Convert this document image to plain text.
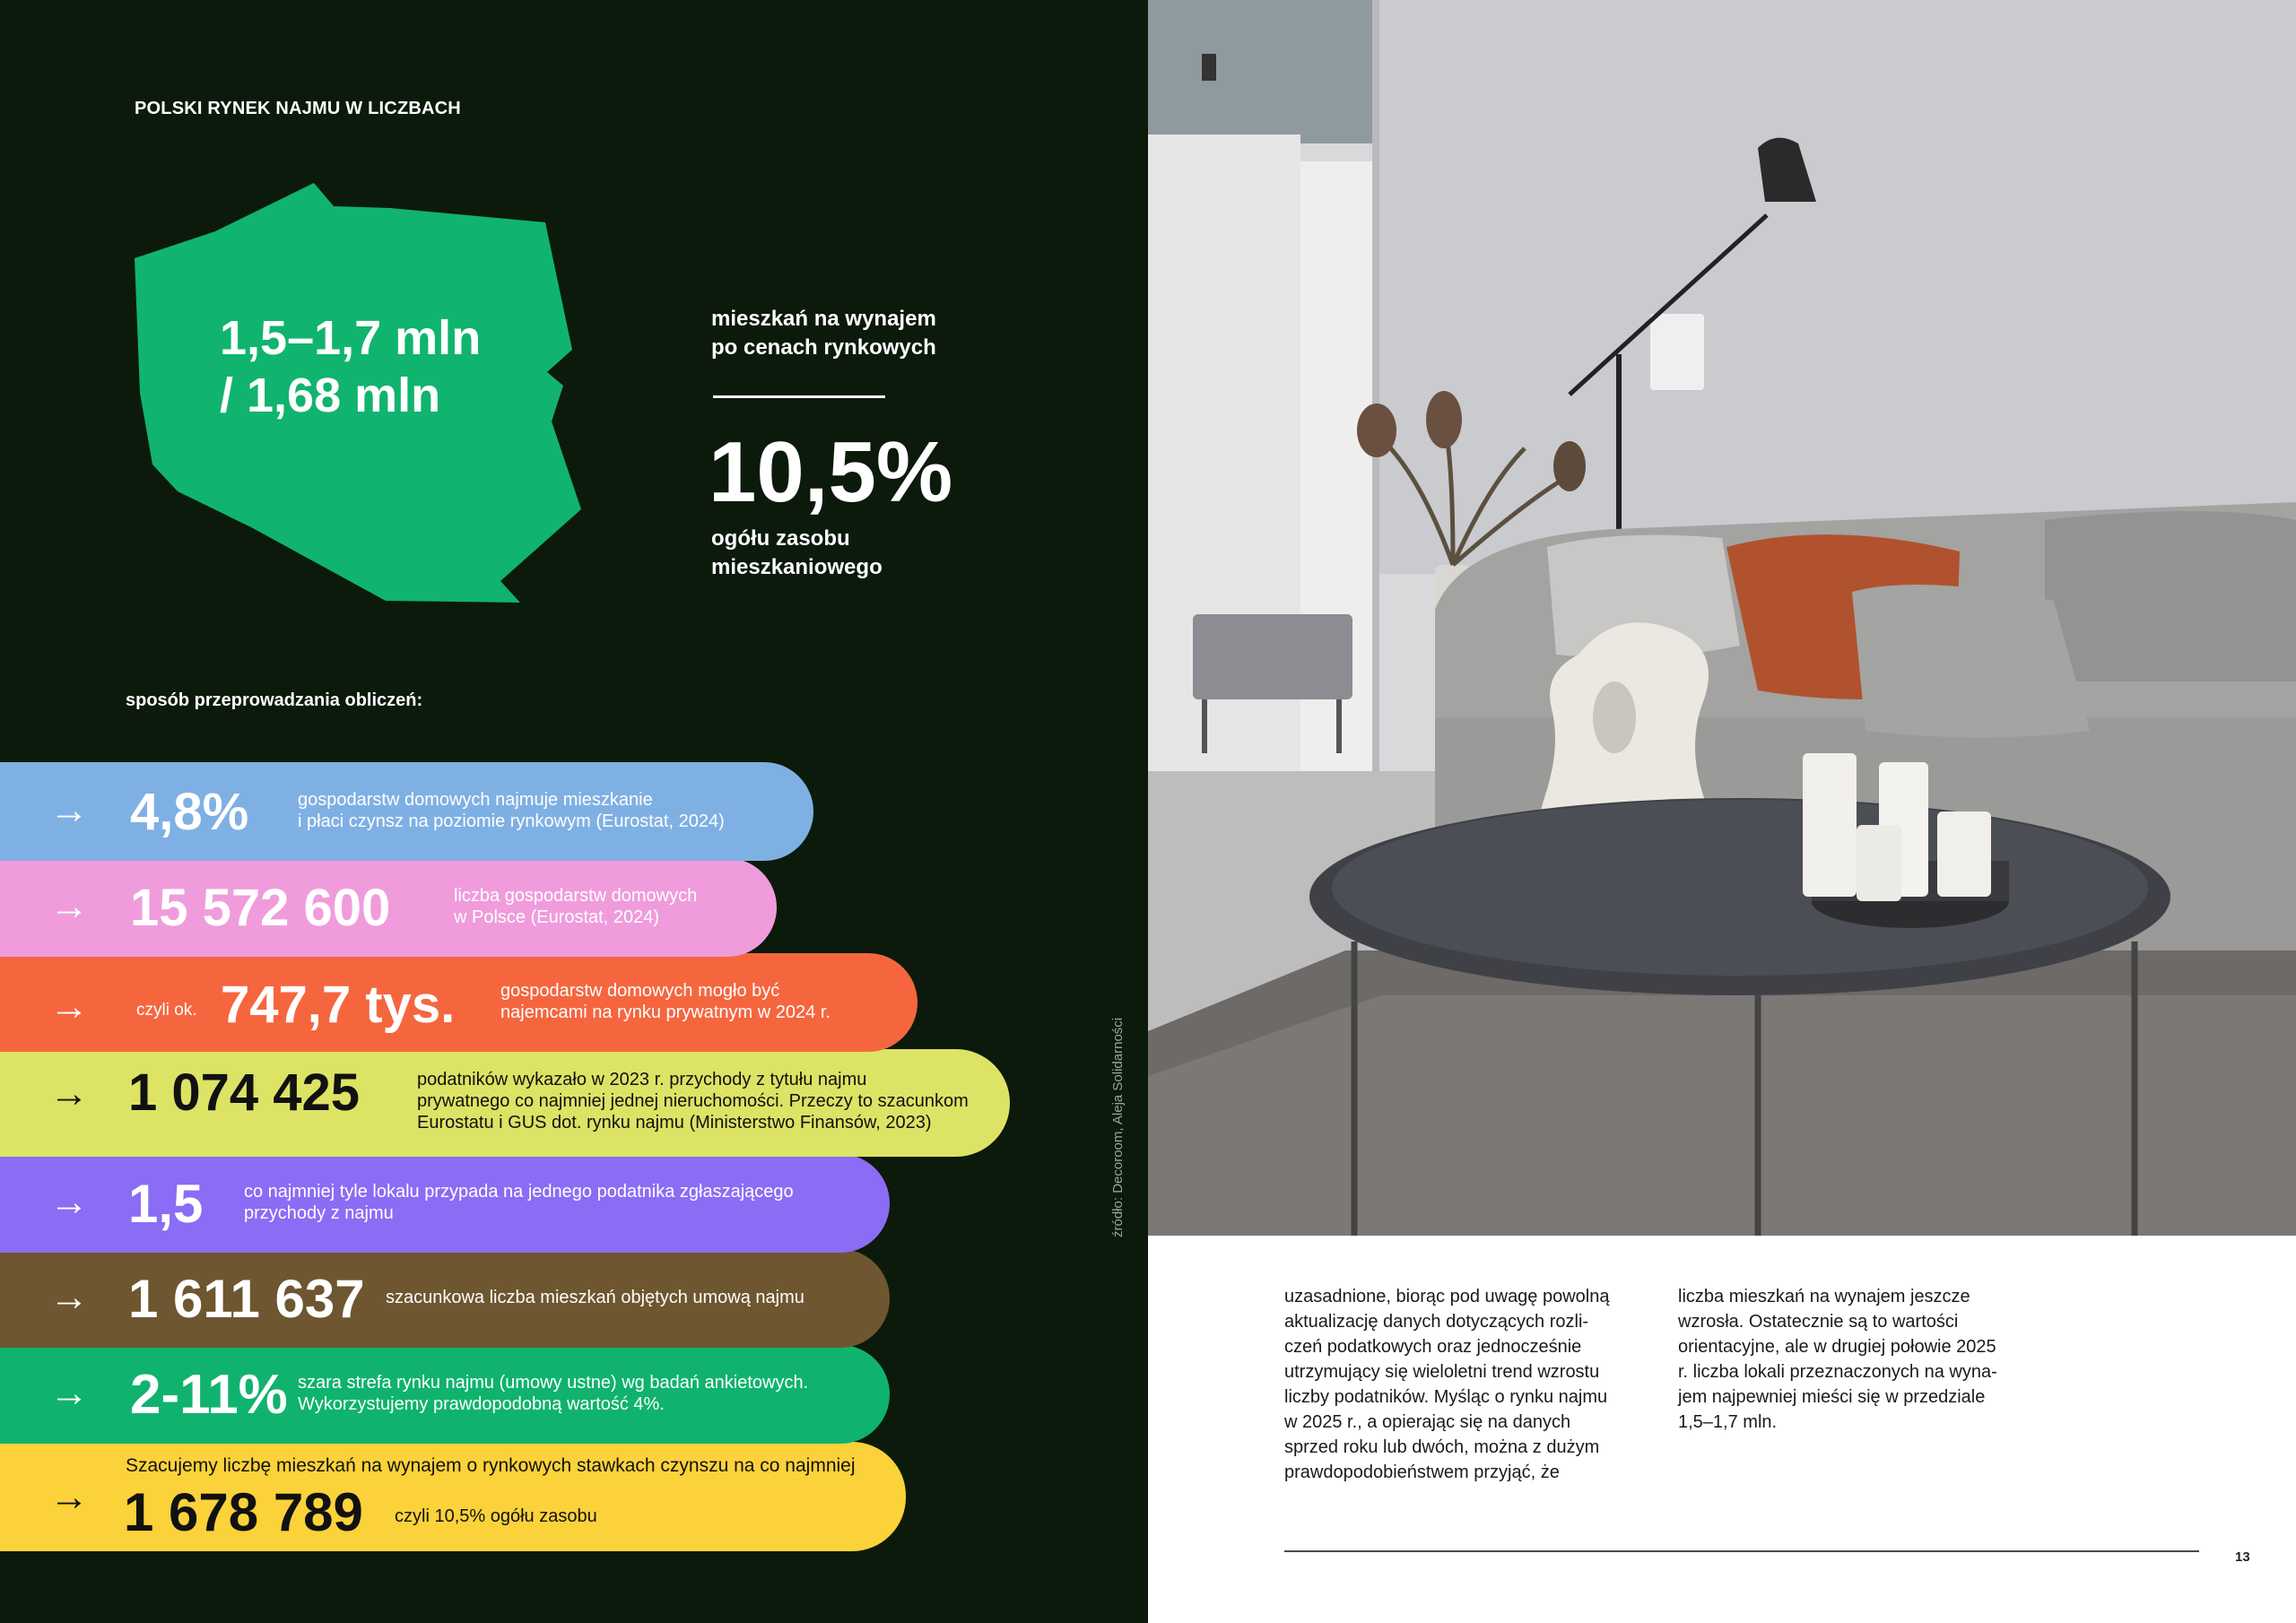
POLSKI RYNEK NAJMU W LICZBACH
1,5–1,7 mln
/ 1,68 mln
mieszkań na wynajem
po cenach rynkowych
10,5%
ogółu zasobu
mieszkaniowego
sposób przeprowadzania obliczeń:
→
Szacujemy liczbę mieszkań na wynajem o rynkowych stawkach czynszu na co najmniej
1 678 789 czyli 10,5% ogółu zasobu
→ 2-11% szara strefa rynku najmu (umowy ustne) wg badań ankietowych.
Wykorzystujemy prawdopodobną wartość 4%.
→ 1 611 637 szacunkowa liczba mieszkań objętych umową najmu
→ 1,5 co najmniej tyle lokalu przypada na jednego podatnika zgłaszającego
przychody z najmu
→ 1 074 425	podatników wykazało w 2023 r. przychody z tytułu najmu
prywatnego co najmniej jednej nieruchomości. Przeczy to szacunkom
Eurostatu i GUS dot. rynku najmu (Ministerstwo Finansów, 2023)
→	czyli ok. 747,7 tys.	gospodarstw domowych mogło być
najemcami na rynku prywatnym w 2024 r.
→ 15 572 600	liczba gospodarstw domowych
w Polsce (Eurostat, 2024)
→ 4,8%	gospodarstw domowych najmuje mieszkanie
i płaci czynsz na poziomie rynkowym (Eurostat, 2024)
źródło: Decoroom, Aleja Solidarności
uzasadnione, biorąc pod uwagę powolną
aktualizację danych dotyczących rozli-
czeń podatkowych oraz jednocześnie
utrzymujący się wieloletni trend wzrostu
liczby podatników. Myśląc o rynku najmu
w 2025 r., a opierając się na danych
sprzed roku lub dwóch, można z dużym
prawdopodobieństwem przyjąć, że
liczba mieszkań na wynajem jeszcze
wzrosła. Ostatecznie są to wartości
orientacyjne, ale w drugiej połowie 2025
r. liczba lokali przeznaczonych na wyna-
jem najpewniej mieści się w przedziale
1,5–1,7 mln.
13
